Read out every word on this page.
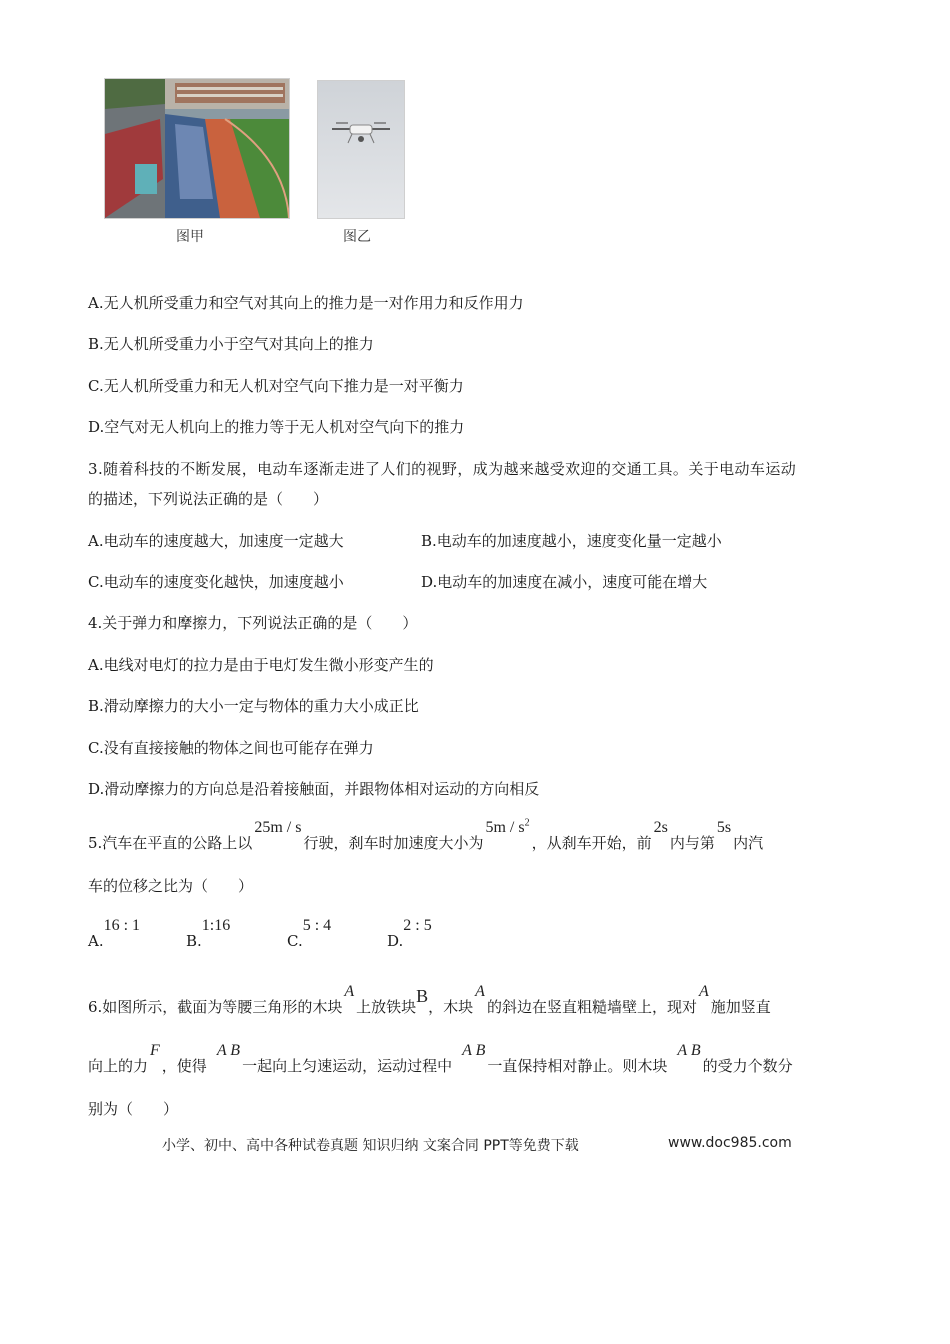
图甲	图乙
A.无人机所受重力和空气对其向上的推力是一对作用力和反作用力
B.无人机所受重力小于空气对其向上的推力
C.无人机所受重力和无人机对空气向下推力是一对平衡力
D.空气对无人机向上的推力等于无人机对空气向下的推力
3.随着科技的不断发展，电动车逐渐走进了人们的视野，成为越来越受欢迎的交通工具。关于电动车运动
的描述，下列说法正确的是（　　）
A.电动车的速度越大，加速度一定越大	B.电动车的加速度越小，速度变化量一定越小
C.电动车的速度变化越快，加速度越小	D.电动车的加速度在减小，速度可能在增大
4.关于弹力和摩擦力，下列说法正确的是（　　）
A.电线对电灯的拉力是由于电灯发生微小形变产生的
B.滑动摩擦力的大小一定与物体的重力大小成正比
C.没有直接接触的物体之间也可能存在弹力
D.滑动摩擦力的方向总是沿着接触面，并跟物体相对运动的方向相反
5.汽车在平直的公路上以25m / s行驶，刹车时加速度大小为$5m / s^2$，从刹车开始，前2s内与第5s内汽
车的位移之比为（　　）
A.16 : 1
B.1:16
C.5 : 4
D.2 : 5
6.如图所示，截面为等腰三角形的木块A上放铁块B，木块A的斜边在竖直粗糙墙壁上，现对A施加竖直
向上的力F，使得A B一起向上匀速运动，运动过程中A B一直保持相对静止。则木块A B的受力个数分
别为（　　）
小学、初中、高中各种试卷真题 知识归纳 文案合同 PPT等免费下载	www.doc985.com
